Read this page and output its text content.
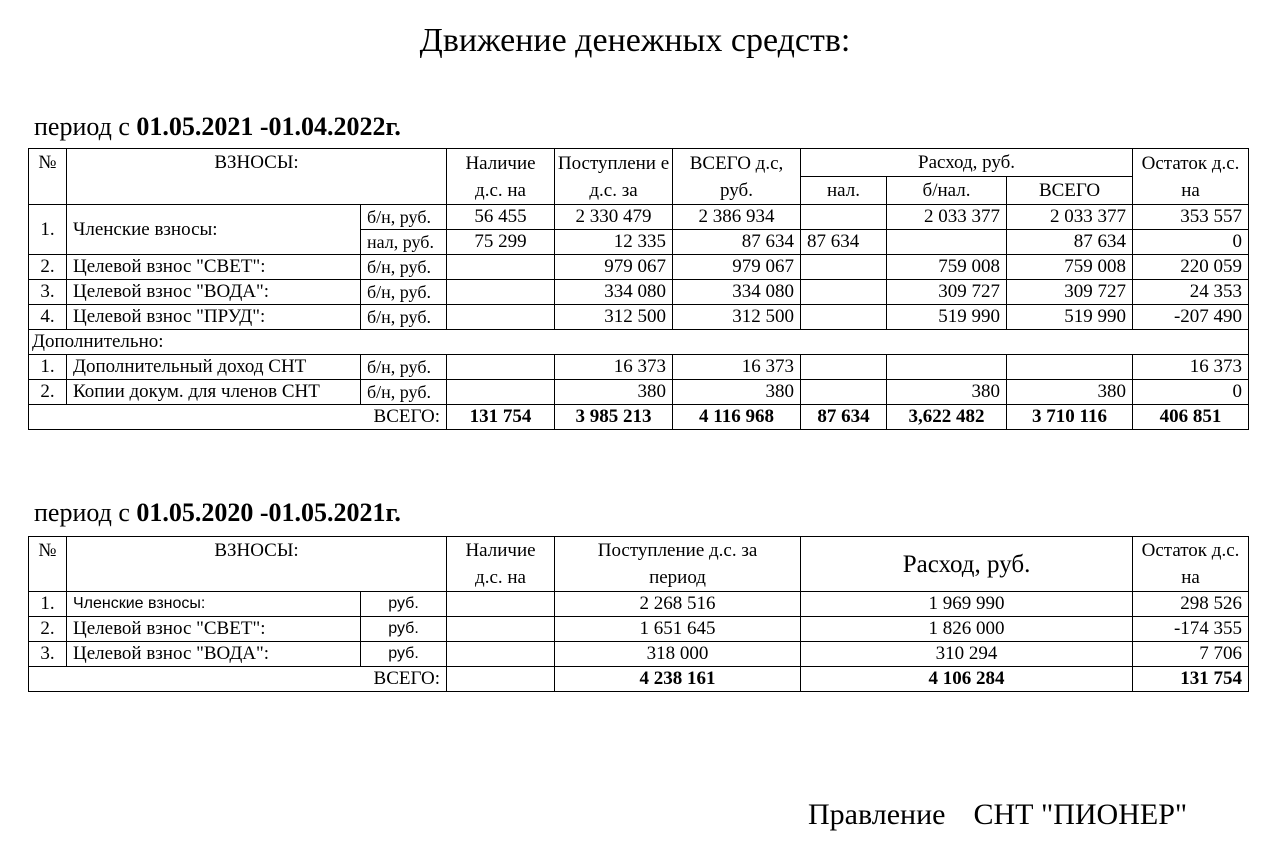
Движение денежных средств:
период с 01.05.2021 -01.04.2022г.
№	ВЗНОСЫ:		Наличие д.с. на	Поступлени е д.с. за	ВСЕГО д.с, руб.	Расход, руб.			Остаток д.с. на
						нал.	б/нал.	ВСЕГО	
1.	Членские взносы:	б/н, руб.	56 455	2 330 479	2 386 934		2 033 377	2 033 377	353 557
		нал, руб.	75 299	12 335	87 634	87 634		87 634	0
2.	Целевой взнос "СВЕТ":	б/н, руб.		979 067	979 067		759 008	759 008	220 059
3.	Целевой взнос "ВОДА":	б/н, руб.		334 080	334 080		309 727	309 727	24 353
4.	Целевой взнос "ПРУД":	б/н, руб.		312 500	312 500		519 990	519 990	-207 490
Дополнительно:									
1.	Дополнительный доход СНТ	б/н, руб.		16 373	16 373				16 373
2.	Копии докум. для членов СНТ	б/н, руб.		380	380		380	380	0
ВСЕГО:			131 754	3 985 213	4 116 968	87 634	3,622 482	3 710 116	406 851
период с 01.05.2020 -01.05.2021г.
№	ВЗНОСЫ:		Наличие д.с. на	Поступление д.с. за период	Расход, руб.	Остаток д.с. на
1.	Членские взносы:	руб.		2 268 516	1 969 990	298 526
2.	Целевой взнос "СВЕТ":	руб.		1 651 645	1 826 000	-174 355
3.	Целевой взнос "ВОДА":	руб.		318 000	310 294	7 706
ВСЕГО:				4 238 161	4 106 284	131 754
Правление СНТ "ПИОНЕР"
